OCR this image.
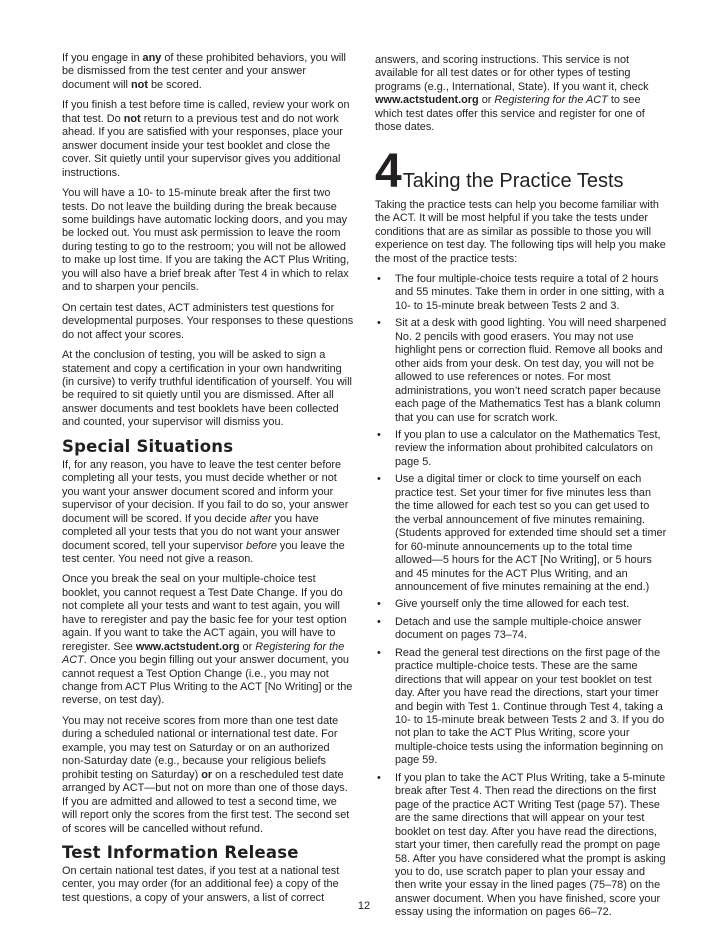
If you engage in any of these prohibited behaviors, you will be dismissed from the test center and your answer document will not be scored.

If you finish a test before time is called, review your work on that test. Do not return to a previous test and do not work ahead. If you are satisfied with your responses, place your answer document inside your test booklet and close the cover. Sit quietly until your supervisor gives you additional instructions.

You will have a 10- to 15-minute break after the first two tests. Do not leave the building during the break because some buildings have automatic locking doors, and you may be locked out. You must ask permission to leave the room during testing to go to the restroom; you will not be allowed to make up lost time. If you are taking the ACT Plus Writing, you will also have a brief break after Test 4 in which to relax and to sharpen your pencils.

On certain test dates, ACT administers test questions for developmental purposes. Your responses to these questions do not affect your scores.

At the conclusion of testing, you will be asked to sign a statement and copy a certification in your own handwriting (in cursive) to verify truthful identification of yourself. You will be required to sit quietly until you are dismissed. After all answer documents and test booklets have been collected and counted, your supervisor will dismiss you.

Special Situations

If, for any reason, you have to leave the test center before completing all your tests, you must decide whether or not you want your answer document scored and inform your supervisor of your decision. If you fail to do so, your answer document will be scored. If you decide after you have completed all your tests that you do not want your answer document scored, tell your supervisor before you leave the test center. You need not give a reason.

Once you break the seal on your multiple-choice test booklet, you cannot request a Test Date Change. If you do not complete all your tests and want to test again, you will have to reregister and pay the basic fee for your test option again. If you want to take the ACT again, you will have to reregister. See www.actstudent.org or Registering for the ACT. Once you begin filling out your answer document, you cannot request a Test Option Change (i.e., you may not change from ACT Plus Writing to the ACT [No Writing] or the reverse, on test day).

You may not receive scores from more than one test date during a scheduled national or international test date. For example, you may test on Saturday or on an authorized non-Saturday date (e.g., because your religious beliefs prohibit testing on Saturday) or on a rescheduled test date arranged by ACT—but not on more than one of those days. If you are admitted and allowed to test a second time, we will report only the scores from the first test. The second set of scores will be cancelled without refund.

Test Information Release

On certain national test dates, if you test at a national test center, you may order (for an additional fee) a copy of the test questions, a copy of your answers, a list of correct

answers, and scoring instructions. This service is not available for all test dates or for other types of testing programs (e.g., International, State). If you want it, check www.actstudent.org or Registering for the ACT to see which test dates offer this service and register for one of those dates.

4 Taking the Practice Tests

Taking the practice tests can help you become familiar with the ACT. It will be most helpful if you take the tests under conditions that are as similar as possible to those you will experience on test day. The following tips will help you make the most of the practice tests:

• The four multiple-choice tests require a total of 2 hours and 55 minutes. Take them in order in one sitting, with a 10- to 15-minute break between Tests 2 and 3.
• Sit at a desk with good lighting. You will need sharpened No. 2 pencils with good erasers. You may not use highlight pens or correction fluid. Remove all books and other aids from your desk. On test day, you will not be allowed to use references or notes. For most administrations, you won’t need scratch paper because each page of the Mathematics Test has a blank column that you can use for scratch work.
• If you plan to use a calculator on the Mathematics Test, review the information about prohibited calculators on page 5.
• Use a digital timer or clock to time yourself on each practice test. Set your timer for five minutes less than the time allowed for each test so you can get used to the verbal announcement of five minutes remaining. (Students approved for extended time should set a timer for 60-minute announcements up to the total time allowed—5 hours for the ACT [No Writing], or 5 hours and 45 minutes for the ACT Plus Writing, and an announcement of five minutes remaining at the end.)
• Give yourself only the time allowed for each test.
• Detach and use the sample multiple-choice answer document on pages 73–74.
• Read the general test directions on the first page of the practice multiple-choice tests. These are the same directions that will appear on your test booklet on test day. After you have read the directions, start your timer and begin with Test 1. Continue through Test 4, taking a 10- to 15-minute break between Tests 2 and 3. If you do not plan to take the ACT Plus Writing, score your multiple-choice tests using the information beginning on page 59.
• If you plan to take the ACT Plus Writing, take a 5-minute break after Test 4. Then read the directions on the first page of the practice ACT Writing Test (page 57). These are the same directions that will appear on your test booklet on test day. After you have read the directions, start your timer, then carefully read the prompt on page 58. After you have considered what the prompt is asking you to do, use scratch paper to plan your essay and then write your essay in the lined pages (75–78) on the answer document. When you have finished, score your essay using the information on pages 66–72.
12
